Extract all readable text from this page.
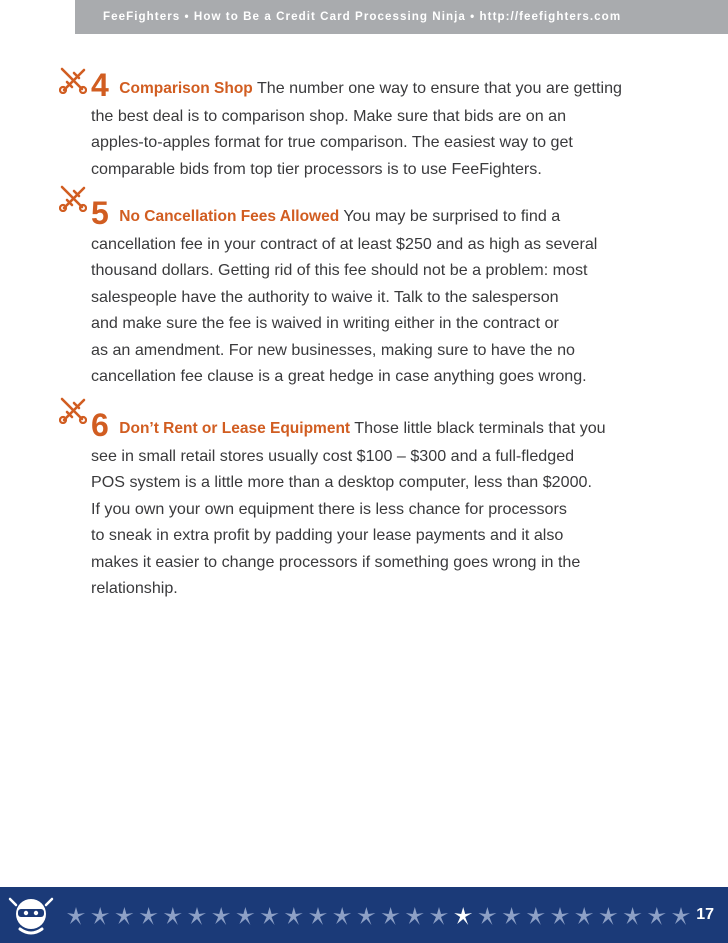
FeeFighters • How to Be a Credit Card Processing Ninja • http://feefighters.com
4 Comparison Shop The number one way to ensure that you are getting
the best deal is to comparison shop. Make sure that bids are on an
apples-to-apples format for true comparison. The easiest way to get
comparable bids from top tier processors is to use FeeFighters.
5 No Cancellation Fees Allowed You may be surprised to find a
cancellation fee in your contract of at least $250 and as high as several
thousand dollars. Getting rid of this fee should not be a problem: most
salespeople have the authority to waive it. Talk to the salesperson
and make sure the fee is waived in writing either in the contract or
as an amendment. For new businesses, making sure to have the no
cancellation fee clause is a great hedge in case anything goes wrong.
6 Don’t Rent or Lease Equipment Those little black terminals that you
see in small retail stores usually cost $100 – $300 and a full-fledged
POS system is a little more than a desktop computer, less than $2000.
If you own your own equipment there is less chance for processors
to sneak in extra profit by padding your lease payments and it also
makes it easier to change processors if something goes wrong in the
relationship.
17
